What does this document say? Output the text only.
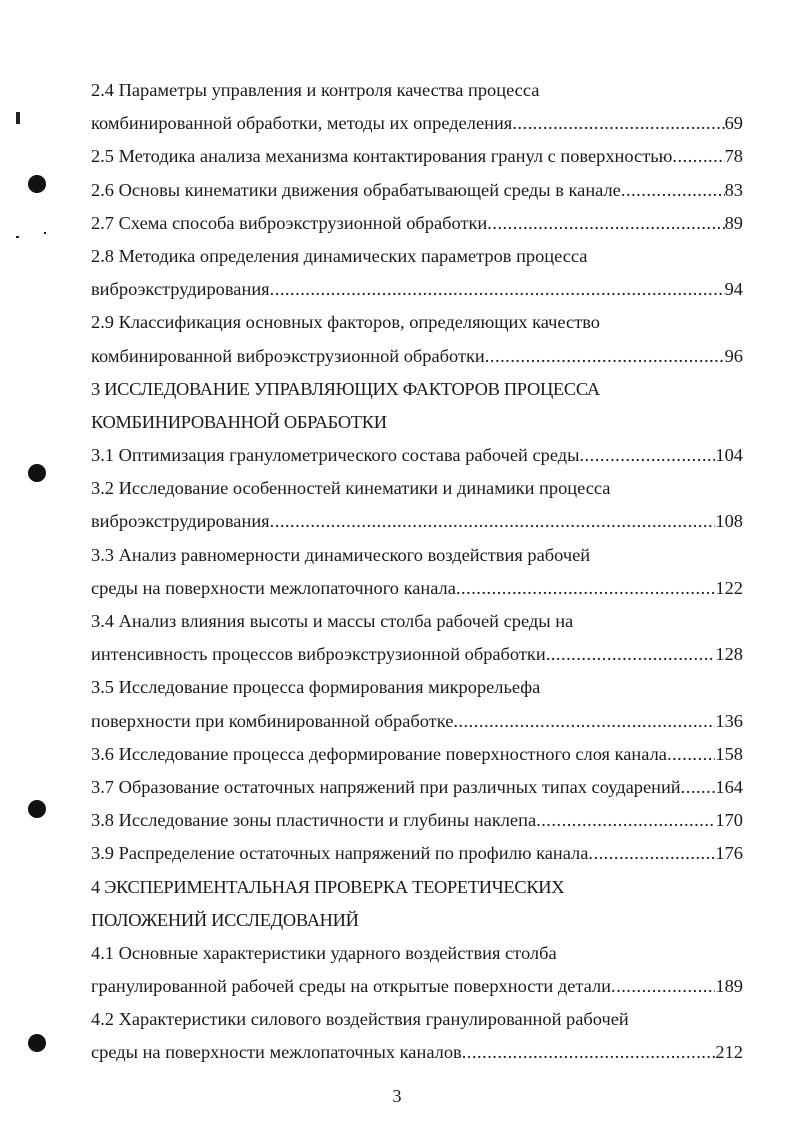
2.4 Параметры управления и контроля качества процесса
комбинированной обработки, методы их определения .....	69
2.5 Методика анализа механизма контактирования гранул с поверхностью .....	78
2.6 Основы кинематики движения обрабатывающей среды в канале .....	83
2.7 Схема способа виброэкструзионной обработки .....	89
2.8 Методика определения динамических параметров процесса
виброэкструдирования .....	94
2.9 Классификация основных факторов, определяющих качество
комбинированной виброэкструзионной обработки .....	96
3 ИССЛЕДОВАНИЕ УПРАВЛЯЮЩИХ ФАКТОРОВ ПРОЦЕССА
КОМБИНИРОВАННОЙ ОБРАБОТКИ
3.1 Оптимизация гранулометрического состава рабочей среды .....	104
3.2 Исследование особенностей кинематики и динамики процесса
виброэкструдирования .....	108
3.3 Анализ равномерности динамического воздействия рабочей
среды на поверхности межлопаточного канала .....	122
3.4 Анализ влияния высоты и массы столба рабочей среды на
интенсивность процессов виброэкструзионной обработки .....	128
3.5 Исследование процесса формирования микрорельефа
поверхности при комбинированной обработке .....	136
3.6 Исследование процесса деформирование поверхностного слоя канала .....	158
3.7 Образование остаточных напряжений при различных типах соударений ..... 164
3.8 Исследование зоны пластичности и глубины наклепа .....	170
3.9 Распределение остаточных напряжений по профилю канала .....	176
4 ЭКСПЕРИМЕНТАЛЬНАЯ ПРОВЕРКА ТЕОРЕТИЧЕСКИХ
ПОЛОЖЕНИЙ ИССЛЕДОВАНИЙ
4.1 Основные характеристики ударного воздействия столба
гранулированной рабочей среды на открытые поверхности детали .....	189
4.2 Характеристики силового воздействия гранулированной рабочей
среды на поверхности межлопаточных каналов .....	212
3
